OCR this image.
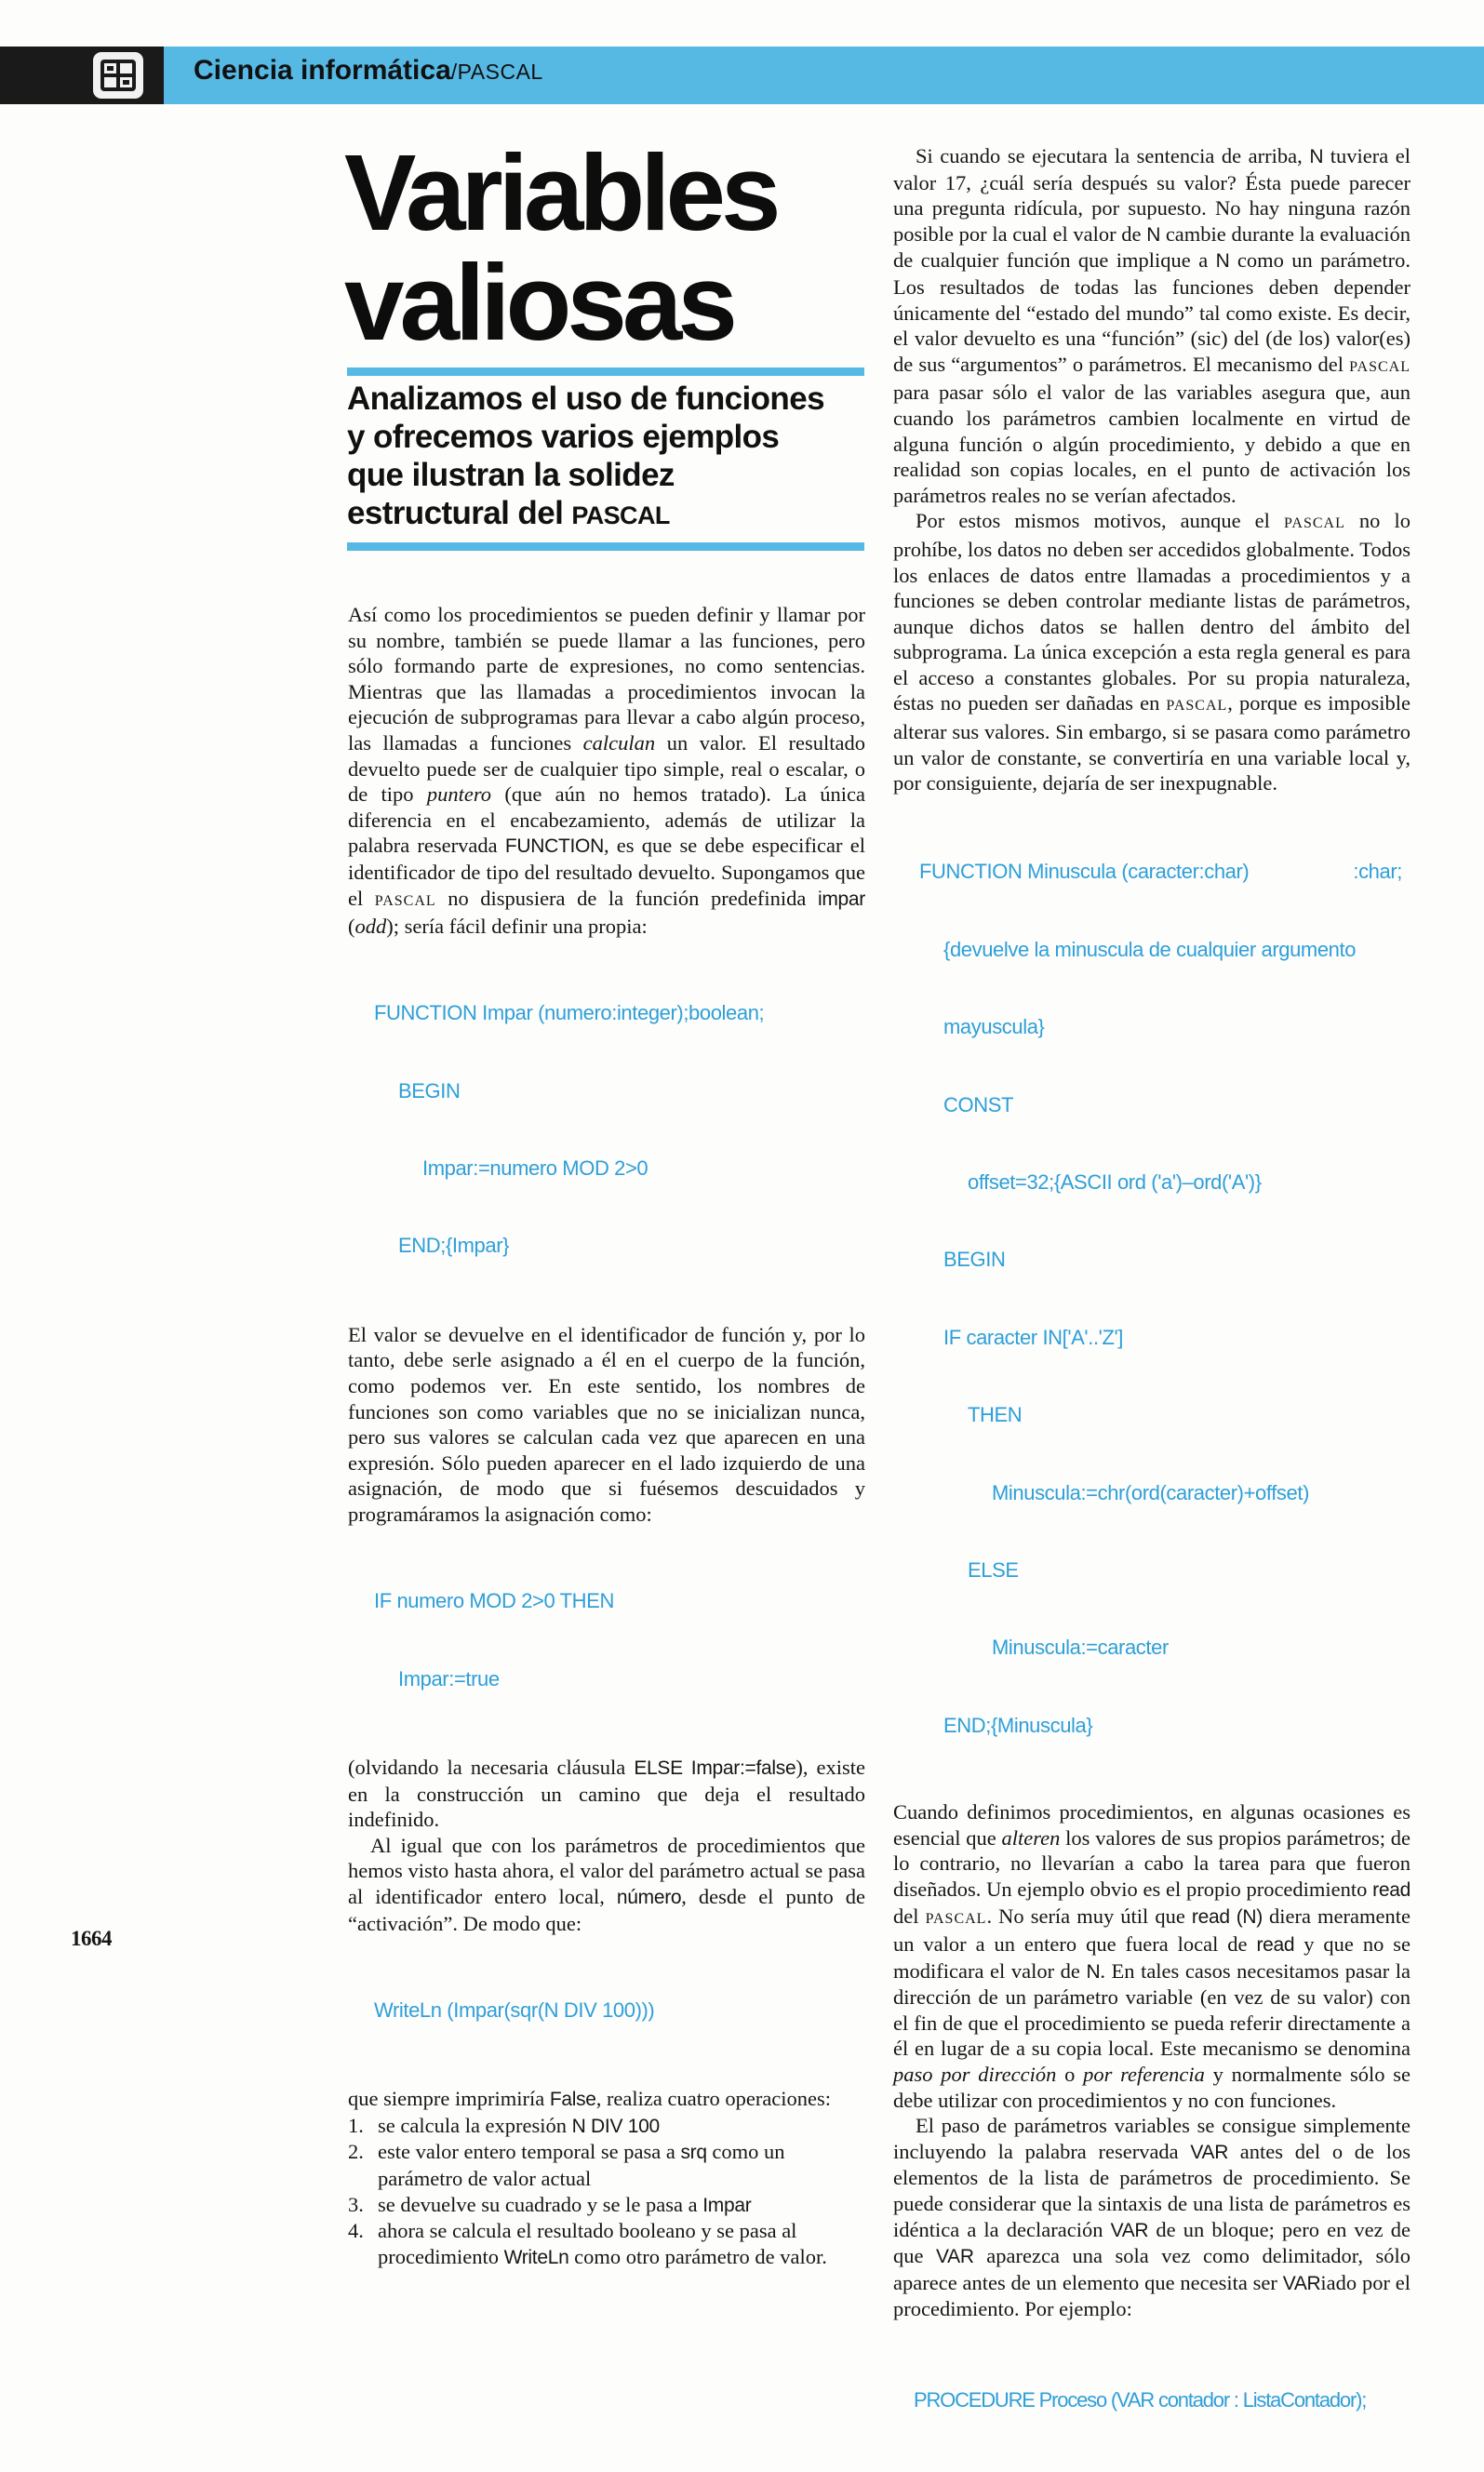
Ciencia informática/PASCAL
Variables
valiosas
Analizamos el uso de funciones
y ofrecemos varios ejemplos
que ilustran la solidez
estructural del PASCAL

Así como los procedimientos se pueden definir y llamar por su nombre, también se puede llamar a las funciones, pero sólo formando parte de expresiones, no como sentencias. Mientras que las llamadas a procedimientos invocan la ejecución de subprogramas para llevar a cabo algún proceso, las llamadas a funciones calculan un valor. El resultado devuelto puede ser de cualquier tipo simple, real o escalar, o de tipo puntero (que aún no hemos tratado). La única diferencia en el encabezamiento, además de utilizar la palabra reservada FUNCTION, es que se debe especificar el identificador de tipo del resultado devuelto. Supongamos que el PASCAL no dispusiera de la función predefinida impar (odd); sería fácil definir una propia:

FUNCTION Impar (numero:integer);boolean;

BEGIN

Impar:=numero MOD 2>0

END;{Impar}

El valor se devuelve en el identificador de función y, por lo tanto, debe serle asignado a él en el cuerpo de la función, como podemos ver. En este sentido, los nombres de funciones son como variables que no se inicializan nunca, pero sus valores se calculan cada vez que aparecen en una expresión. Sólo pueden aparecer en el lado izquierdo de una asignación, de modo que si fuésemos descuidados y programáramos la asignación como:

IF numero MOD 2>0 THEN

Impar:=true

(olvidando la necesaria cláusula ELSE Impar:=false), existe en la construcción un camino que deja el resultado indefinido.

Al igual que con los parámetros de procedimientos que hemos visto hasta ahora, el valor del parámetro actual se pasa al identificador entero local, número, desde el punto de “activación”. De modo que:

WriteLn (Impar(sqr(N DIV 100)))

que siempre imprimiría False, realiza cuatro operaciones:

1. se calcula la expresión N DIV 100
2. este valor entero temporal se pasa a srq como un parámetro de valor actual
3. se devuelve su cuadrado y se le pasa a Impar
4. ahora se calcula el resultado booleano y se pasa al procedimiento WriteLn como otro parámetro de valor.

Si cuando se ejecutara la sentencia de arriba, N tuviera el valor 17, ¿cuál sería después su valor? Ésta puede parecer una pregunta ridícula, por supuesto. No hay ninguna razón posible por la cual el valor de N cambie durante la evaluación de cualquier función que implique a N como un parámetro. Los resultados de todas las funciones deben depender únicamente del “estado del mundo” tal como existe. Es decir, el valor devuelto es una “función” (sic) del (de los) valor(es) de sus “argumentos” o parámetros. El mecanismo del PASCAL para pasar sólo el valor de las variables asegura que, aun cuando los parámetros cambien localmente en virtud de alguna función o algún procedimiento, y debido a que en realidad son copias locales, en el punto de activación los parámetros reales no se verían afectados.

Por estos mismos motivos, aunque el PASCAL no lo prohíbe, los datos no deben ser accedidos globalmente. Todos los enlaces de datos entre llamadas a procedimientos y a funciones se deben controlar mediante listas de parámetros, aunque dichos datos se hallen dentro del ámbito del subprograma. La única excepción a esta regla general es para el acceso a constantes globales. Por su propia naturaleza, éstas no pueden ser dañadas en PASCAL, porque es imposible alterar sus valores. Sin embargo, si se pasara como parámetro un valor de constante, se convertiría en una variable local y, por consiguiente, dejaría de ser inexpugnable.

FUNCTION Minuscula (caracter:char)	:char;

{devuelve la minuscula de cualquier argumento

mayuscula}

CONST

offset=32;{ASCII ord ('a')–ord('A')}

BEGIN

IF caracter IN['A'..'Z']

THEN

Minuscula:=chr(ord(caracter)+offset)

ELSE

Minuscula:=caracter

END;{Minuscula}

Cuando definimos procedimientos, en algunas ocasiones es esencial que alteren los valores de sus propios parámetros; de lo contrario, no llevarían a cabo la tarea para que fueron diseñados. Un ejemplo obvio es el propio procedimiento read del PASCAL. No sería muy útil que read (N) diera meramente un valor a un entero que fuera local de read y que no se modificara el valor de N. En tales casos necesitamos pasar la dirección de un parámetro variable (en vez de su valor) con el fin de que el procedimiento se pueda referir directamente a él en lugar de a su copia local. Este mecanismo se denomina paso por dirección o por referencia y normalmente sólo se debe utilizar con procedimientos y no con funciones.

El paso de parámetros variables se consigue simplemente incluyendo la palabra reservada VAR antes del o de los elementos de la lista de parámetros de procedimiento. Se puede considerar que la sintaxis de una lista de parámetros es idéntica a la declaración VAR de un bloque; pero en vez de que VAR aparezca una sola vez como delimitador, sólo aparece antes de un elemento que necesita ser VARiado por el procedimiento. Por ejemplo:

PROCEDURE Proceso (VAR contador : ListaContador);

1664
